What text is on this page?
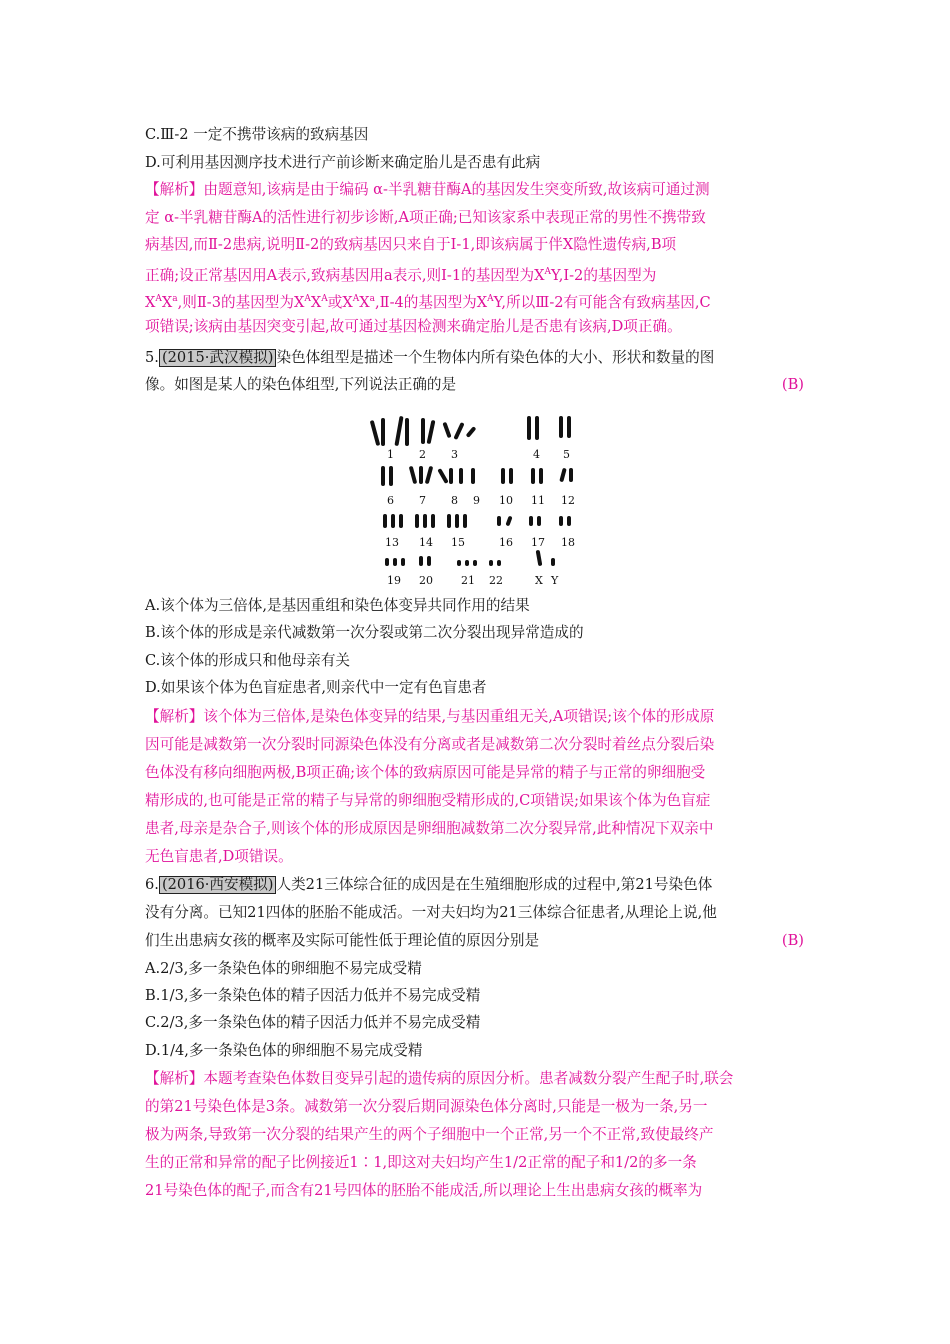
C.Ⅲ-2 一定不携带该病的致病基因
D.可利用基因测序技术进行产前诊断来确定胎儿是否患有此病
【解析】由题意知,该病是由于编码 α-半乳糖苷酶A的基因发生突变所致,故该病可通过测
定 α-半乳糖苷酶A的活性进行初步诊断,A项正确;已知该家系中表现正常的男性不携带致
病基因,而Ⅱ-2患病,说明Ⅱ-2的致病基因只来自于Ⅰ-1,即该病属于伴X隐性遗传病,B项
正确;设正常基因用A表示,致病基因用a表示,则Ⅰ-1的基因型为$X^AY,Ⅰ-2$的基因型为
$X^AX^a$,则Ⅱ-3的基因型为$X^AX^A$或$X^AX^a,Ⅱ-4$的基因型为$X^AY$,所以Ⅲ-2有可能含有致病基因,C
项错误;该病由基因突变引起,故可通过基因检测来确定胎儿是否患有该病,D项正确。
5. (2015·武汉模拟) 染色体组型是描述一个生物体内所有染色体的大小、形状和数量的图
像。如图是某人的染色体组型,下列说法正确的是	(B)
1 2 3	4 5
6 7 8 9 10 11 12
13 14 15	16 17 18
19 20	21 22	X Y
A.该个体为三倍体,是基因重组和染色体变异共同作用的结果
B.该个体的形成是亲代减数第一次分裂或第二次分裂出现异常造成的
C.该个体的形成只和他母亲有关
D.如果该个体为色盲症患者,则亲代中一定有色盲患者
【解析】该个体为三倍体,是染色体变异的结果,与基因重组无关,A项错误;该个体的形成原
因可能是减数第一次分裂时同源染色体没有分离或者是减数第二次分裂时着丝点分裂后染
色体没有移向细胞两极,B项正确;该个体的致病原因可能是异常的精子与正常的卵细胞受
精形成的,也可能是正常的精子与异常的卵细胞受精形成的,C项错误;如果该个体为色盲症
患者,母亲是杂合子,则该个体的形成原因是卵细胞减数第二次分裂异常,此种情况下双亲中
无色盲患者,D项错误。
6. (2016·西安模拟) 人类21三体综合征的成因是在生殖细胞形成的过程中,第21号染色体
没有分离。已知21四体的胚胎不能成活。一对夫妇均为21三体综合征患者,从理论上说,他
们生出患病女孩的概率及实际可能性低于理论值的原因分别是	(B)
A.2/3,多一条染色体的卵细胞不易完成受精
B.1/3,多一条染色体的精子因活力低并不易完成受精
C.2/3,多一条染色体的精子因活力低并不易完成受精
D.1/4,多一条染色体的卵细胞不易完成受精
【解析】本题考查染色体数目变异引起的遗传病的原因分析。患者减数分裂产生配子时,联会
的第21号染色体是3条。减数第一次分裂后期同源染色体分离时,只能是一极为一条,另一
极为两条,导致第一次分裂的结果产生的两个子细胞中一个正常,另一个不正常,致使最终产
生的正常和异常的配子比例接近1∶1,即这对夫妇均产生1/2正常的配子和1/2的多一条
21号染色体的配子,而含有21号四体的胚胎不能成活,所以理论上生出患病女孩的概率为
